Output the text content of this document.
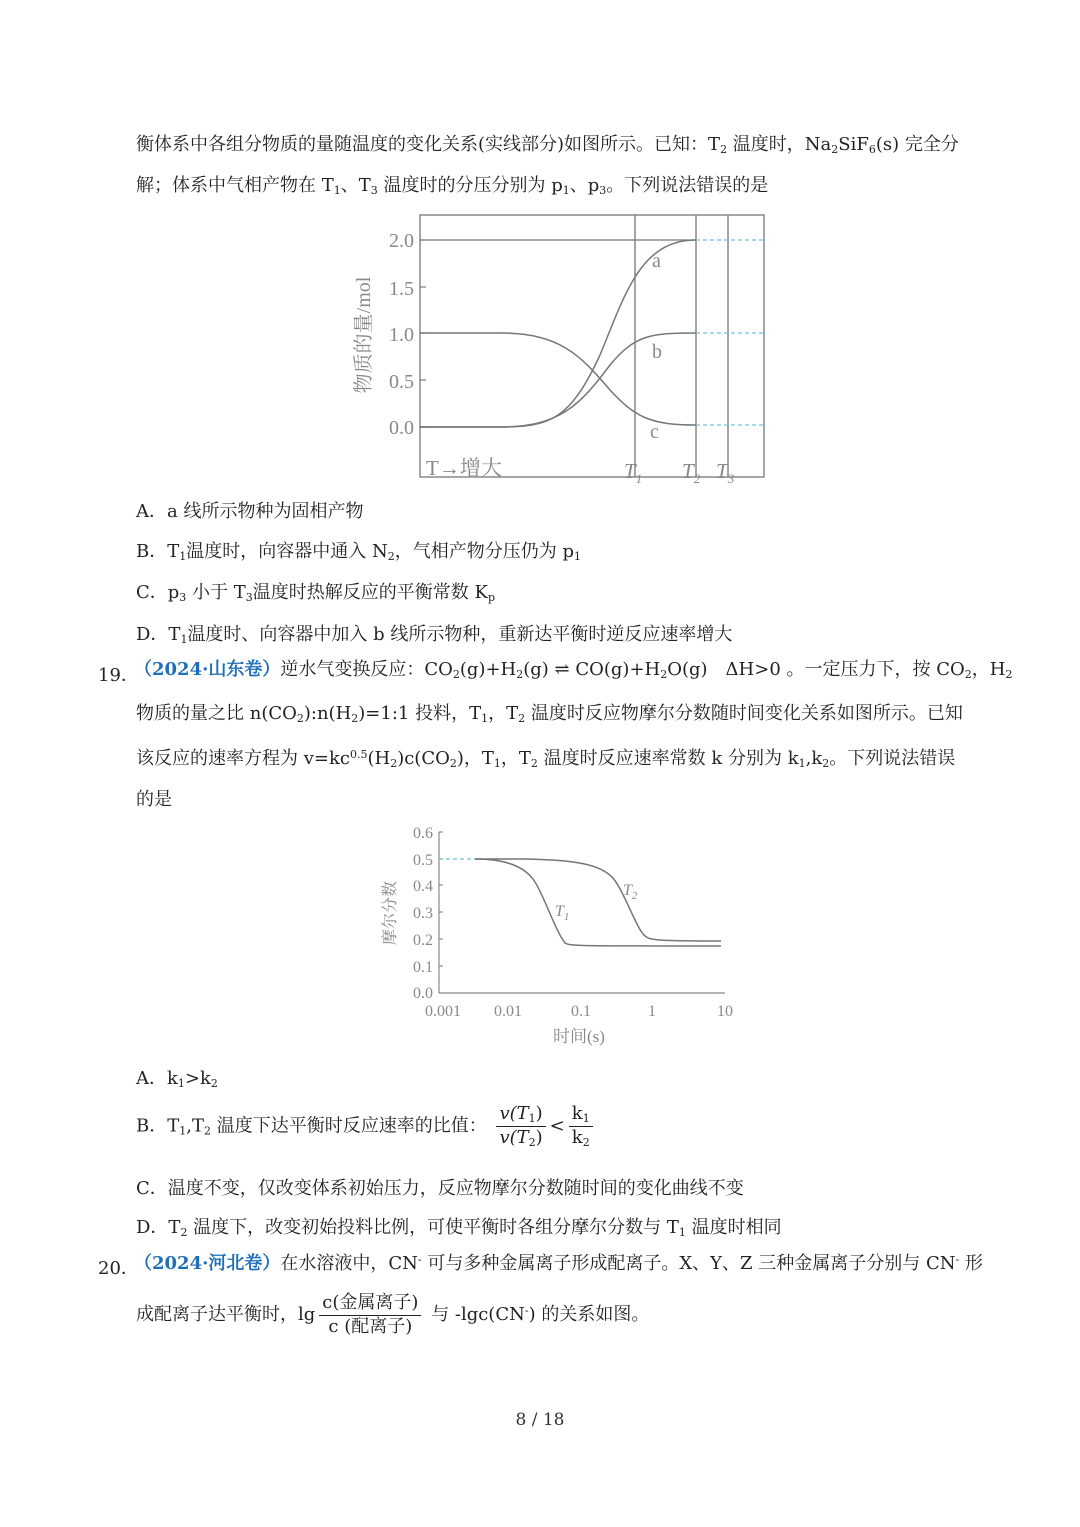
衡体系中各组分物质的量随温度的变化关系(实线部分)如图所示。已知：$T_2$ 温度时，$Na_2SiF_6(s)$ 完全分
解；体系中气相产物在 $T_1$、$T_3$ 温度时的分压分别为 $p_1$、$p_3$。下列说法错误的是
2.0
1.5
1.0
0.5
0.0
物质的量/mol
a
b
c
T→增大	$T_1$ $T_2$ $T_3$
A．a 线所示物种为固相产物
B．$T_1$温度时，向容器中通入 $N_2$，气相产物分压仍为 $p_1$
C．$p_3$ 小于 $T_3$温度时热解反应的平衡常数 $K_p$
D．$T_1$温度时、向容器中加入 b 线所示物种，重新达平衡时逆反应速率增大
19．
（2024·山东卷）逆水气变换反应：$CO_2(g)+H_2(g)$ ⇌ $CO(g)+H_2O(g)$　ΔH>0 。一定压力下，按 $CO_2$，$H_2$
物质的量之比 $n(CO_2):n(H_2)=1:1$ 投料，$T_1$，$T_2$ 温度时反应物摩尔分数随时间变化关系如图所示。已知
该反应的速率方程为 $v=kc^{0.5}(H_2)c(CO_2)$，$T_1$，$T_2$ 温度时反应速率常数 k 分别为 $k_1,k_2$。下列说法错误
的是
摩尔分数
0.6
0.5
0.4
0.3
0.2
0.1
0.0
$T_1$
$T_2$
0.001 0.01	0.1	1	10
时间(s)
A．$k_1>k_2$
B．$T_1,T_2$ 温度下达平衡时反应速率的比值： $\frac{v(T_1)}{v(T_2)} < \frac{k_1}{k_2}$
C．温度不变，仅改变体系初始压力，反应物摩尔分数随时间的变化曲线不变
D．$T_2$ 温度下，改变初始投料比例，可使平衡时各组分摩尔分数与 $T_1$ 温度时相同
20．
（2024·河北卷）在水溶液中，CN- 可与多种金属离子形成配离子。X、Y、Z 三种金属离子分别与 CN- 形
成配离子达平衡时，$\lg \frac{\text{c(金属离子)}}{\text{c (配离子)}}$ 与 -lgc(CN-) 的关系如图。
8 / 18
